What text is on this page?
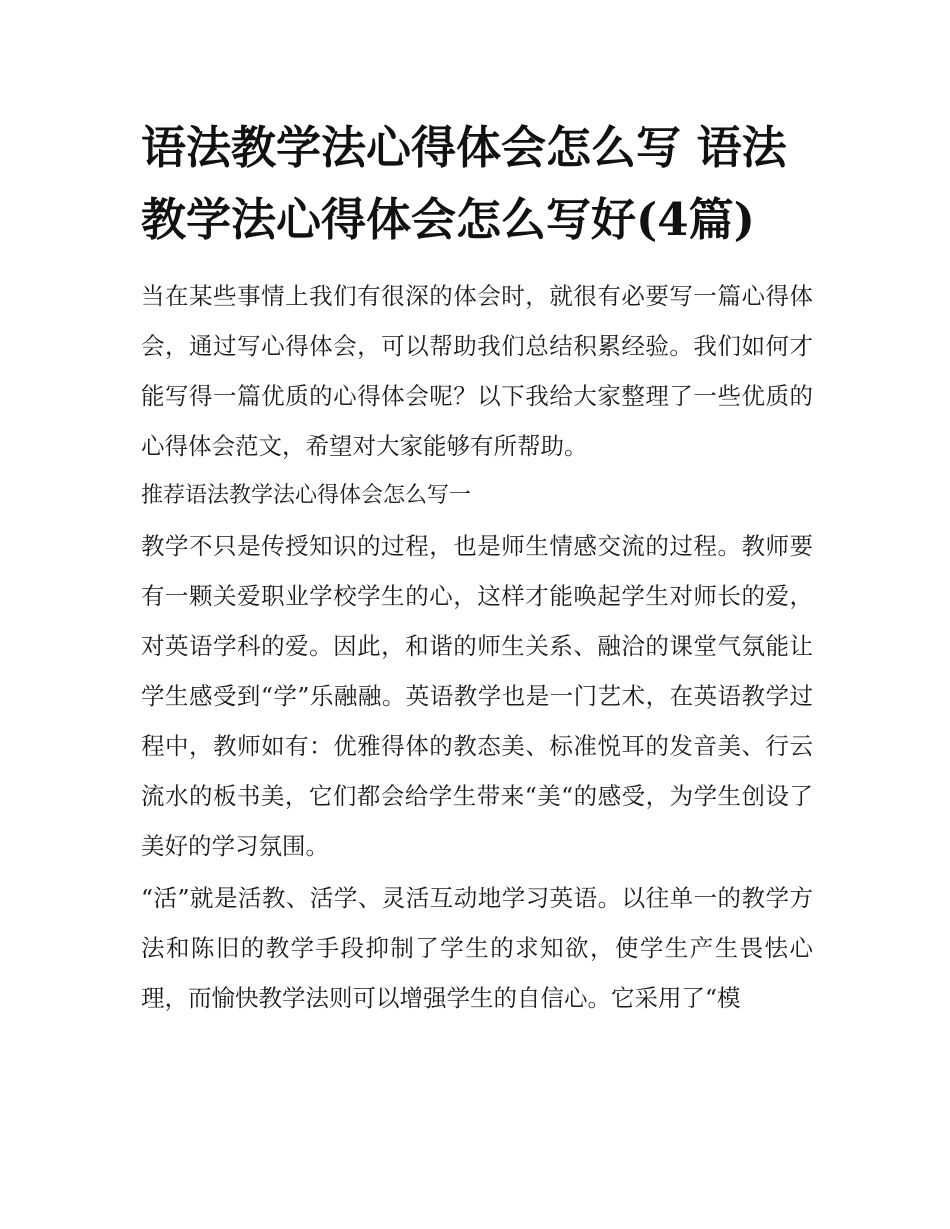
语法教学法心得体会怎么写 语法教学法心得体会怎么写好(4篇)

当在某些事情上我们有很深的体会时，就很有必要写一篇心得体会，通过写心得体会，可以帮助我们总结积累经验。我们如何才能写得一篇优质的心得体会呢？以下我给大家整理了一些优质的心得体会范文，希望对大家能够有所帮助。

推荐语法教学法心得体会怎么写一

教学不只是传授知识的过程，也是师生情感交流的过程。教师要有一颗关爱职业学校学生的心，这样才能唤起学生对师长的爱，对英语学科的爱。因此，和谐的师生关系、融洽的课堂气氛能让学生感受到“学”乐融融。英语教学也是一门艺术，在英语教学过程中，教师如有：优雅得体的教态美、标准悦耳的发音美、行云流水的板书美，它们都会给学生带来“美“的感受，为学生创设了美好的学习氛围。

“活”就是活教、活学、灵活互动地学习英语。以往单一的教学方法和陈旧的教学手段抑制了学生的求知欲，使学生产生畏怯心理，而愉快教学法则可以增强学生的自信心。它采用了“模
